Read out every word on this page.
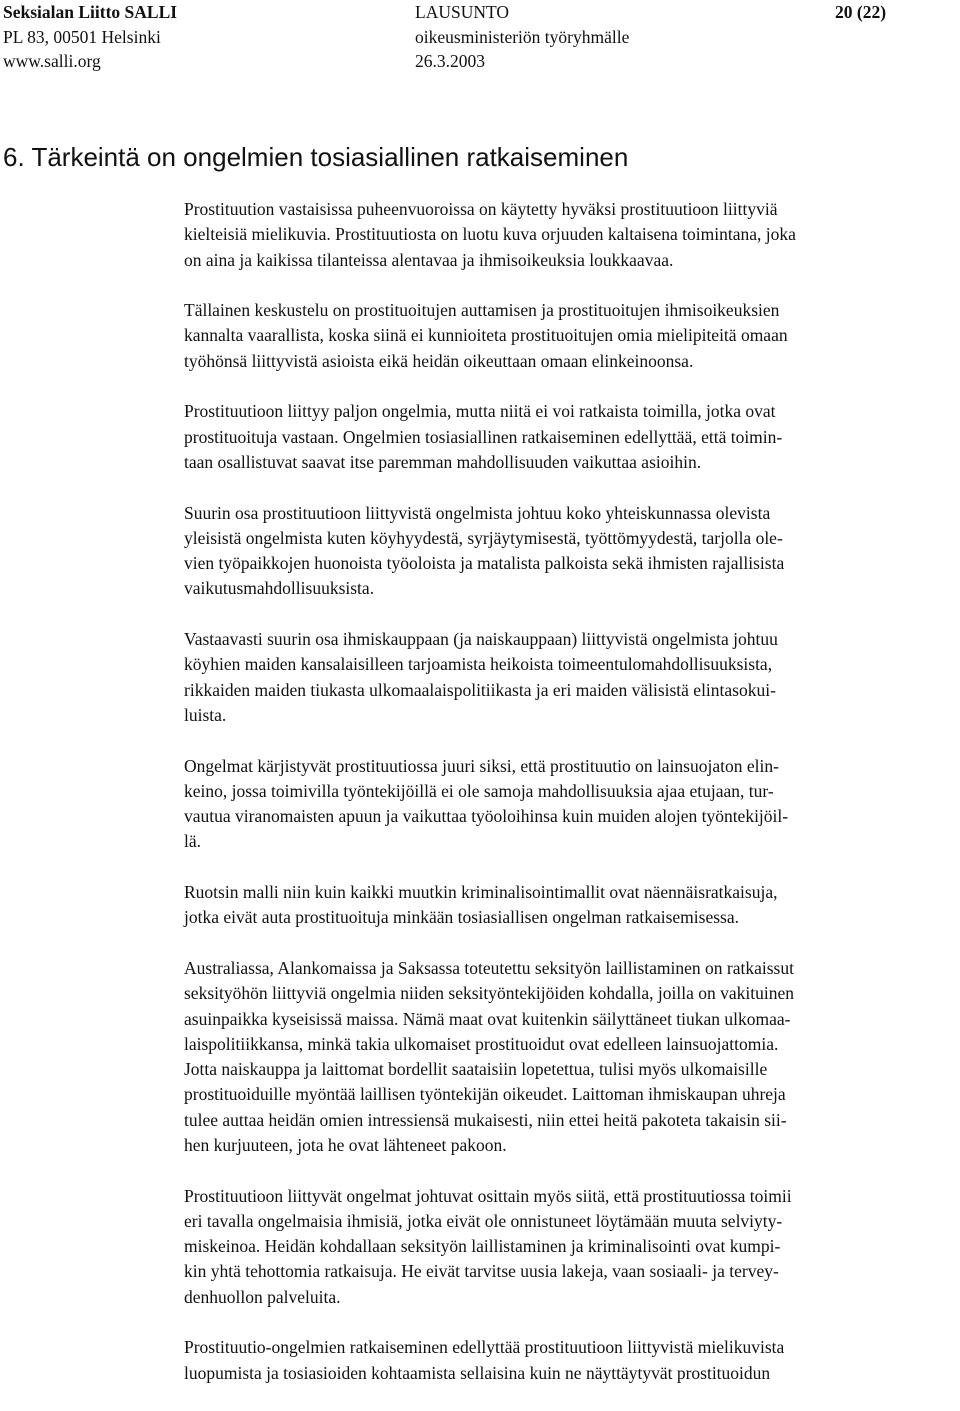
Seksialan Liitto SALLI
PL 83, 00501 Helsinki
www.salli.org
LAUSUNTO
oikeusministeriön työryhmälle
26.3.2003
20 (22)
6. Tärkeintä on ongelmien tosiasiallinen ratkaiseminen

Prostituution vastaisissa puheenvuoroissa on käytetty hyväksi prostituutioon liittyviä
kielteisiä mielikuvia. Prostituutiosta on luotu kuva orjuuden kaltaisena toimintana, joka
on aina ja kaikissa tilanteissa alentavaa ja ihmisoikeuksia loukkaavaa.

Tällainen keskustelu on prostituoitujen auttamisen ja prostituoitujen ihmisoikeuksien
kannalta vaarallista, koska siinä ei kunnioiteta prostituoitujen omia mielipiteitä omaan
työhönsä liittyvistä asioista eikä heidän oikeuttaan omaan elinkeinoonsa.

Prostituutioon liittyy paljon ongelmia, mutta niitä ei voi ratkaista toimilla, jotka ovat
prostituoituja vastaan. Ongelmien tosiasiallinen ratkaiseminen edellyttää, että toimin-
taan osallistuvat saavat itse paremman mahdollisuuden vaikuttaa asioihin.

Suurin osa prostituutioon liittyvistä ongelmista johtuu koko yhteiskunnassa olevista
yleisistä ongelmista kuten köyhyydestä, syrjäytymisestä, työttömyydestä, tarjolla ole-
vien työpaikkojen huonoista työoloista ja matalista palkoista sekä ihmisten rajallisista
vaikutusmahdollisuuksista.

Vastaavasti suurin osa ihmiskauppaan (ja naiskauppaan) liittyvistä ongelmista johtuu
köyhien maiden kansalaisilleen tarjoamista heikoista toimeentulomahdollisuuksista,
rikkaiden maiden tiukasta ulkomaalaispolitiikasta ja eri maiden välisistä elintasokui-
luista.

Ongelmat kärjistyvät prostituutiossa juuri siksi, että prostituutio on lainsuojaton elin-
keino, jossa toimivilla työntekijöillä ei ole samoja mahdollisuuksia ajaa etujaan, tur-
vautua viranomaisten apuun ja vaikuttaa työoloihinsa kuin muiden alojen työntekijöil-
lä.

Ruotsin malli niin kuin kaikki muutkin kriminalisointimallit ovat näennäisratkaisuja,
jotka eivät auta prostituoituja minkään tosiasiallisen ongelman ratkaisemisessa.

Australiassa, Alankomaissa ja Saksassa toteutettu seksityön laillistaminen on ratkaissut
seksityöhön liittyviä ongelmia niiden seksityöntekijöiden kohdalla, joilla on vakituinen
asuinpaikka kyseisissä maissa. Nämä maat ovat kuitenkin säilyttäneet tiukan ulkomaa-
laispolitiikkansa, minkä takia ulkomaiset prostituoidut ovat edelleen lainsuojattomia.
Jotta naiskauppa ja laittomat bordellit saataisiin lopetettua, tulisi myös ulkomaisille
prostituoiduille myöntää laillisen työntekijän oikeudet. Laittoman ihmiskaupan uhreja
tulee auttaa heidän omien intressiensä mukaisesti, niin ettei heitä pakoteta takaisin sii-
hen kurjuuteen, jota he ovat lähteneet pakoon.

Prostituutioon liittyvät ongelmat johtuvat osittain myös siitä, että prostituutiossa toimii
eri tavalla ongelmaisia ihmisiä, jotka eivät ole onnistuneet löytämään muuta selviyty-
miskeinoa. Heidän kohdallaan seksityön laillistaminen ja kriminalisointi ovat kumpi-
kin yhtä tehottomia ratkaisuja. He eivät tarvitse uusia lakeja, vaan sosiaali- ja tervey-
denhuollon palveluita.

Prostituutio-ongelmien ratkaiseminen edellyttää prostituutioon liittyvistä mielikuvista
luopumista ja tosiasioiden kohtaamista sellaisina kuin ne näyttäytyvät prostituoidun
